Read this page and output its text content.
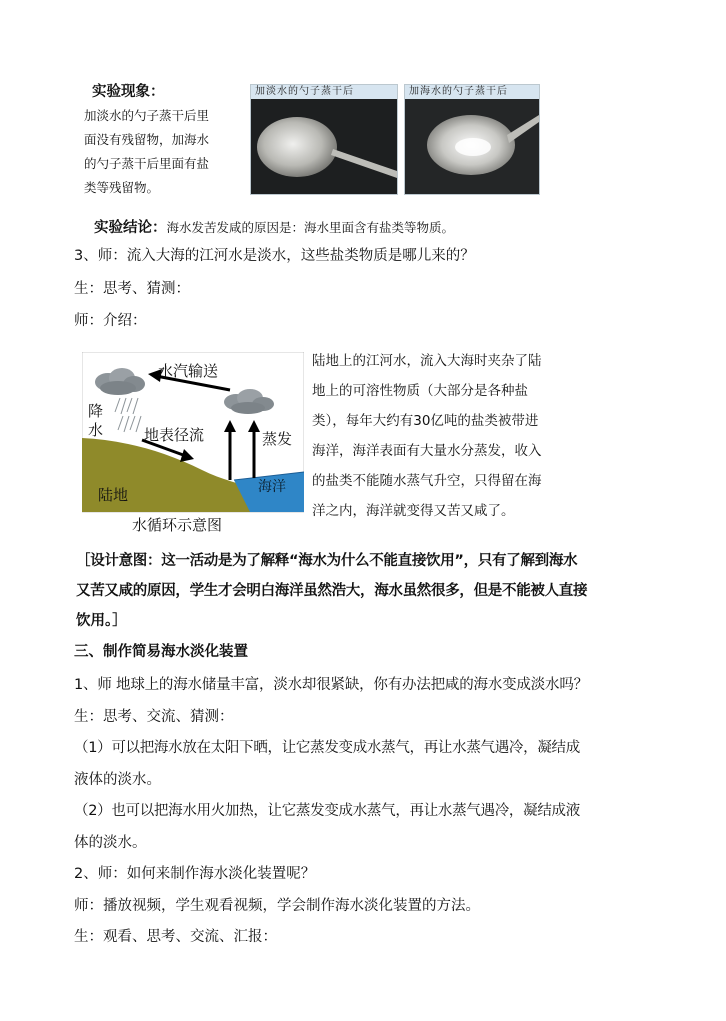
实验现象：
加淡水的勺子蒸干后里
面没有残留物，加海水
的勺子蒸干后里面有盐
类等残留物。
加淡水的勺子蒸干后	加海水的勺子蒸干后
实验结论：海水发苦发咸的原因是：海水里面含有盐类等物质。
3、师：流入大海的江河水是淡水，这些盐类物质是哪儿来的？
生：思考、猜测：
师：介绍：
水汽输送
降
水	地表径流	蒸发
陆地	海洋
水循环示意图
陆地上的江河水，流入大海时夹杂了陆
地上的可溶性物质（大部分是各种盐
类），每年大约有30亿吨的盐类被带进
海洋，海洋表面有大量水分蒸发，收入
的盐类不能随水蒸气升空，只得留在海
洋之内，海洋就变得又苦又咸了。
［设计意图：这一活动是为了解释“海水为什么不能直接饮用”，只有了解到海水
又苦又咸的原因，学生才会明白海洋虽然浩大，海水虽然很多，但是不能被人直接
饮用。］
三、制作简易海水淡化装置
1、师 地球上的海水储量丰富，淡水却很紧缺，你有办法把咸的海水变成淡水吗？
生：思考、交流、猜测：
（1）可以把海水放在太阳下晒，让它蒸发变成水蒸气，再让水蒸气遇冷，凝结成
液体的淡水。
（2）也可以把海水用火加热，让它蒸发变成水蒸气，再让水蒸气遇冷，凝结成液
体的淡水。
2、师：如何来制作海水淡化装置呢？
师：播放视频，学生观看视频，学会制作海水淡化装置的方法。
生：观看、思考、交流、汇报：
